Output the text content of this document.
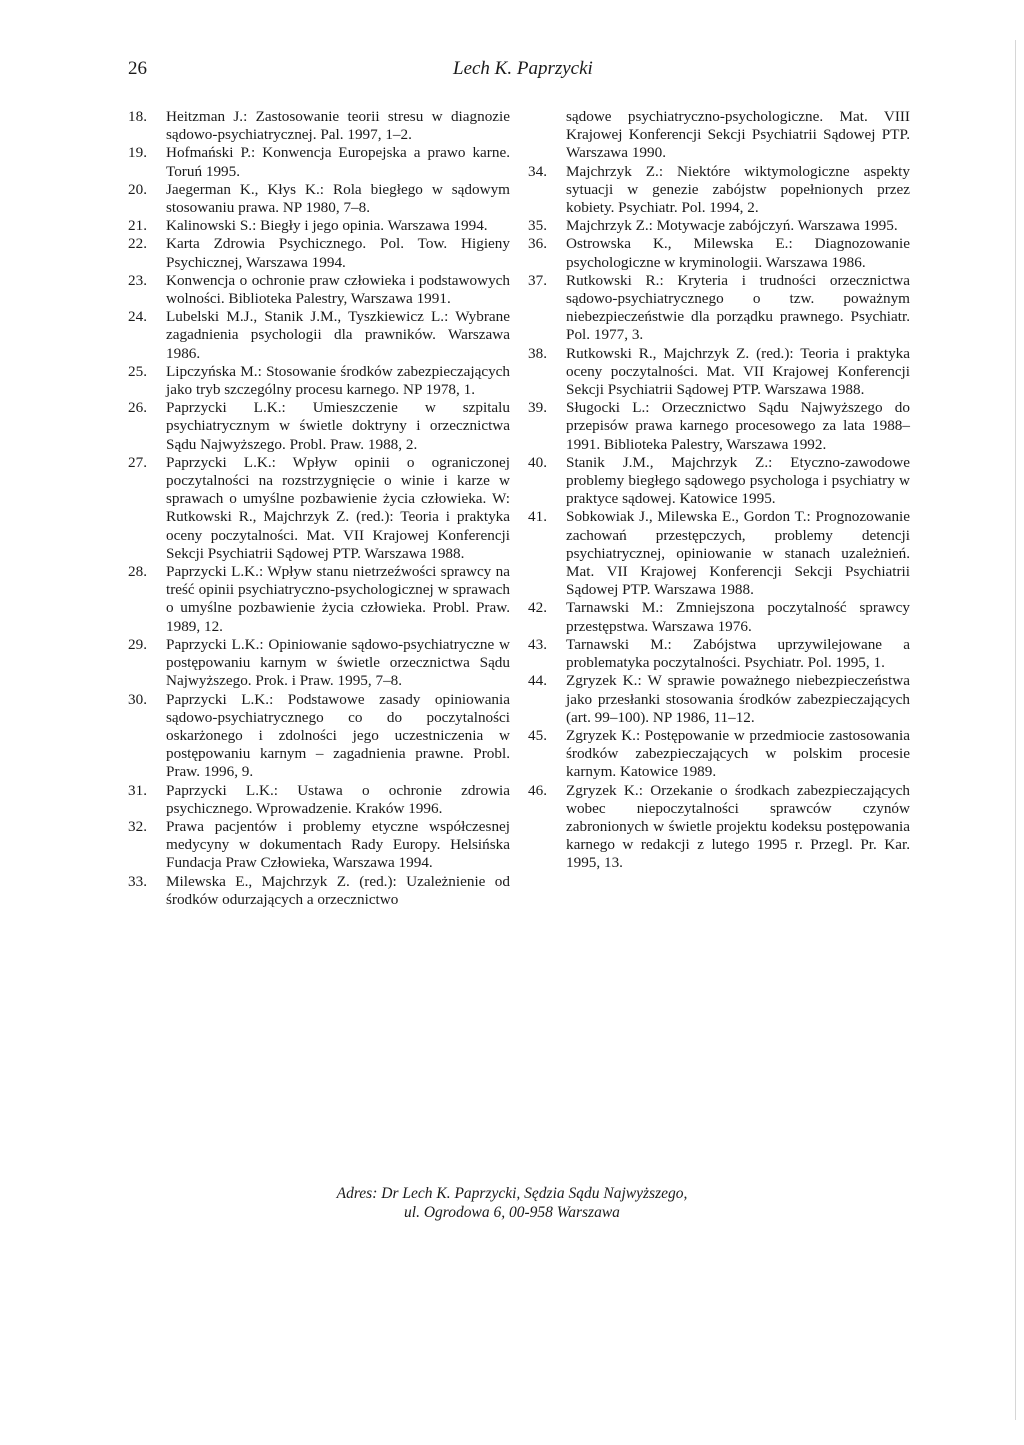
26	Lech K. Paprzycki
18.	Heitzman J.: Zastosowanie teorii stresu w diagnozie sądowo-psychiatrycznej. Pal. 1997, 1–2.
19.	Hofmański P.: Konwencja Europejska a prawo karne. Toruń 1995.
20.	Jaegerman K., Kłys K.: Rola biegłego w sądowym stosowaniu prawa. NP 1980, 7–8.
21.	Kalinowski S.: Biegły i jego opinia. Warszawa 1994.
22.	Karta Zdrowia Psychicznego. Pol. Tow. Higieny Psychicznej, Warszawa 1994.
23.	Konwencja o ochronie praw człowieka i podstawowych wolności. Biblioteka Palestry, Warszawa 1991.
24.	Lubelski M.J., Stanik J.M., Tyszkiewicz L.: Wybrane zagadnienia psychologii dla prawników. Warszawa 1986.
25.	Lipczyńska M.: Stosowanie środków zabezpieczających jako tryb szczególny procesu karnego. NP 1978, 1.
26.	Paprzycki L.K.: Umieszczenie w szpitalu psychiatrycznym w świetle doktryny i orzecznictwa Sądu Najwyższego. Probl. Praw. 1988, 2.
27.	Paprzycki L.K.: Wpływ opinii o ograniczonej poczytalności na rozstrzygnięcie o winie i karze w sprawach o umyślne pozbawienie życia człowieka. W: Rutkowski R., Majchrzyk Z. (red.): Teoria i praktyka oceny poczytalności. Mat. VII Krajowej Konferencji Sekcji Psychiatrii Sądowej PTP. Warszawa 1988.
28.	Paprzycki L.K.: Wpływ stanu nietrzeźwości sprawcy na treść opinii psychiatryczno-psychologicznej w sprawach o umyślne pozbawienie życia człowieka. Probl. Praw. 1989, 12.
29.	Paprzycki L.K.: Opiniowanie sądowo-psychiatryczne w postępowaniu karnym w świetle orzecznictwa Sądu Najwyższego. Prok. i Praw. 1995, 7–8.
30.	Paprzycki L.K.: Podstawowe zasady opiniowania sądowo-psychiatrycznego co do poczytalności oskarżonego i zdolności jego uczestniczenia w postępowaniu karnym – zagadnienia prawne. Probl. Praw. 1996, 9.
31.	Paprzycki L.K.: Ustawa o ochronie zdrowia psychicznego. Wprowadzenie. Kraków 1996.
32.	Prawa pacjentów i problemy etyczne współczesnej medycyny w dokumentach Rady Europy. Helsińska Fundacja Praw Człowieka, Warszawa 1994.
33.	Milewska E., Majchrzyk Z. (red.): Uzależnienie od środków odurzających a orzecznictwo
sądowe psychiatryczno-psychologiczne. Mat. VIII Krajowej Konferencji Sekcji Psychiatrii Sądowej PTP. Warszawa 1990.
34.	Majchrzyk Z.: Niektóre wiktymologiczne aspekty sytuacji w genezie zabójstw popełnionych przez kobiety. Psychiatr. Pol. 1994, 2.
35.	Majchrzyk Z.: Motywacje zabójczyń. Warszawa 1995.
36.	Ostrowska K., Milewska E.: Diagnozowanie psychologiczne w kryminologii. Warszawa 1986.
37.	Rutkowski R.: Kryteria i trudności orzecznictwa sądowo-psychiatrycznego o tzw. poważnym niebezpieczeństwie dla porządku prawnego. Psychiatr. Pol. 1977, 3.
38.	Rutkowski R., Majchrzyk Z. (red.): Teoria i praktyka oceny poczytalności. Mat. VII Krajowej Konferencji Sekcji Psychiatrii Sądowej PTP. Warszawa 1988.
39.	Sługocki L.: Orzecznictwo Sądu Najwyższego do przepisów prawa karnego procesowego za lata 1988–1991. Biblioteka Palestry, Warszawa 1992.
40.	Stanik J.M., Majchrzyk Z.: Etyczno-zawodowe problemy biegłego sądowego psychologa i psychiatry w praktyce sądowej. Katowice 1995.
41.	Sobkowiak J., Milewska E., Gordon T.: Prognozowanie zachowań przestępczych, problemy detencji psychiatrycznej, opiniowanie w stanach uzależnień. Mat. VII Krajowej Konferencji Sekcji Psychiatrii Sądowej PTP. Warszawa 1988.
42.	Tarnawski M.: Zmniejszona poczytalność sprawcy przestępstwa. Warszawa 1976.
43.	Tarnawski M.: Zabójstwa uprzywilejowane a problematyka poczytalności. Psychiatr. Pol. 1995, 1.
44.	Zgryzek K.: W sprawie poważnego niebezpieczeństwa jako przesłanki stosowania środków zabezpieczających (art. 99–100). NP 1986, 11–12.
45.	Zgryzek K.: Postępowanie w przedmiocie zastosowania środków zabezpieczających w polskim procesie karnym. Katowice 1989.
46.	Zgryzek K.: Orzekanie o środkach zabezpieczających wobec niepoczytalności sprawców czynów zabronionych w świetle projektu kodeksu postępowania karnego w redakcji z lutego 1995 r. Przegl. Pr. Kar. 1995, 13.
Adres: Dr Lech K. Paprzycki, Sędzia Sądu Najwyższego,
ul. Ogrodowa 6, 00-958 Warszawa
